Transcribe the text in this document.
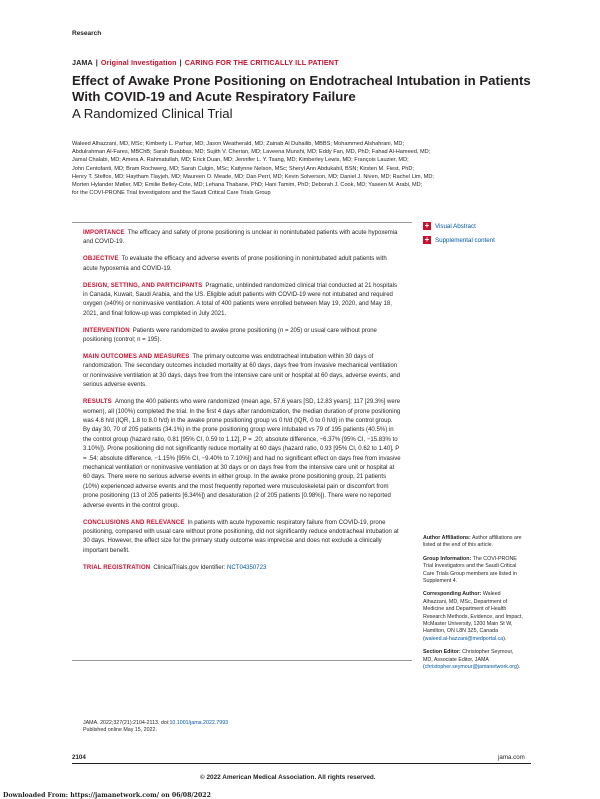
Research
JAMA | Original Investigation | CARING FOR THE CRITICALLY ILL PATIENT
Effect of Awake Prone Positioning on Endotracheal Intubation in Patients With COVID-19 and Acute Respiratory Failure
A Randomized Clinical Trial
Waleed Alhazzani, MD, MSc; Kimberly L. Parhar, MD; Jason Weatherald, MD; Zainab Al Duhailib, MBBS; Mohammed Alshahrani, MD;
Abdulrahman Al-Fares, MBChB; Sarah Buabbas, MD; Sujith V. Cherian, MD; Laveena Munshi, MD; Eddy Fan, MD, PhD; Fahad Al-Hameed, MD;
Jamal Chalabi, MD; Amera A. Rahmatullah, MD; Erick Duan, MD; Jennifer L. Y. Tsang, MD; Kimberley Lewis, MD; François Lauzier, MD;
John Centofanti, MD; Bram Rochwerg, MD; Sarah Culgin, MSc; Katlynne Nelson, MSc; Sheryl Ann Abdukahil, BSN; Kirsten M. Fiest, PhD;
Henry T. Stelfox, MD; Haytham Tlayjeh, MD; Maureen O. Meade, MD; Dan Perri, MD; Kevin Solverson, MD; Daniel J. Niven, MD; Rachel Lim, MD;
Morten Hylander Møller, MD; Emilie Belley-Cote, MD; Lehana Thabane, PhD; Hani Tamim, PhD; Deborah J. Cook, MD; Yaseen M. Arabi, MD;
for the COVI-PRONE Trial Investigators and the Saudi Critical Care Trials Group
+ Visual Abstract
+ Supplemental content

IMPORTANCE The efficacy and safety of prone positioning is unclear in nonintubated patients with acute hypoxemia and COVID-19.

OBJECTIVE To evaluate the efficacy and adverse events of prone positioning in nonintubated adult patients with acute hypoxemia and COVID-19.

DESIGN, SETTING, AND PARTICIPANTS Pragmatic, unblinded randomized clinical trial conducted at 21 hospitals in Canada, Kuwait, Saudi Arabia, and the US. Eligible adult patients with COVID-19 were not intubated and required oxygen (≥40%) or noninvasive ventilation. A total of 400 patients were enrolled between May 19, 2020, and May 18, 2021, and final follow-up was completed in July 2021.

INTERVENTION Patients were randomized to awake prone positioning (n = 205) or usual care without prone positioning (control; n = 195).

MAIN OUTCOMES AND MEASURES The primary outcome was endotracheal intubation within 30 days of randomization. The secondary outcomes included mortality at 60 days, days free from invasive mechanical ventilation or noninvasive ventilation at 30 days, days free from the intensive care unit or hospital at 60 days, adverse events, and serious adverse events.

RESULTS Among the 400 patients who were randomized (mean age, 57.6 years [SD, 12.83 years]; 117 [29.3%] were women), all (100%) completed the trial. In the first 4 days after randomization, the median duration of prone positioning was 4.8 h/d (IQR, 1.8 to 8.0 h/d) in the awake prone positioning group vs 0 h/d (IQR, 0 to 0 h/d) in the control group. By day 30, 70 of 205 patients (34.1%) in the prone positioning group were intubated vs 79 of 195 patients (40.5%) in the control group (hazard ratio, 0.81 [95% CI, 0.59 to 1.12], P = .20; absolute difference, −6.37% [95% CI, −15.83% to 3.10%]). Prone positioning did not significantly reduce mortality at 60 days (hazard ratio, 0.93 [95% CI, 0.62 to 1.40], P = .54; absolute difference, −1.15% [95% CI, −9.40% to 7.10%]) and had no significant effect on days free from invasive mechanical ventilation or noninvasive ventilation at 30 days or on days free from the intensive care unit or hospital at 60 days. There were no serious adverse events in either group. In the awake prone positioning group, 21 patients (10%) experienced adverse events and the most frequently reported were musculoskeletal pain or discomfort from prone positioning (13 of 205 patients [6.34%]) and desaturation (2 of 205 patients [0.98%]). There were no reported adverse events in the control group.

CONCLUSIONS AND RELEVANCE In patients with acute hypoxemic respiratory failure from COVID-19, prone positioning, compared with usual care without prone positioning, did not significantly reduce endotracheal intubation at 30 days. However, the effect size for the primary study outcome was imprecise and does not exclude a clinically important benefit.

TRIAL REGISTRATION ClinicalTrials.gov Identifier: NCT04350723

Author Affiliations: Author affiliations are listed at the end of this article.

Group Information: The COVI-PRONE Trial Investigators and the Saudi Critical Care Trials Group members are listed in Supplement 4.

Corresponding Author: Waleed Alhazzani, MD, MSc, Department of Medicine and Department of Health Research Methods, Evidence, and Impact, McMaster University, 1200 Main St W, Hamilton, ON L8N 3Z5, Canada (waleed.al-hazzani@medportal.ca).

Section Editor: Christopher Seymour, MD, Associate Editor, JAMA (christopher.seymour@jamanetwork.org).

JAMA. 2022;327(21):2104-2113. doi:10.1001/jama.2022.7993
Published online May 15, 2022.
2104	jama.com
© 2022 American Medical Association. All rights reserved.
Downloaded From: https://jamanetwork.com/ on 06/08/2022
